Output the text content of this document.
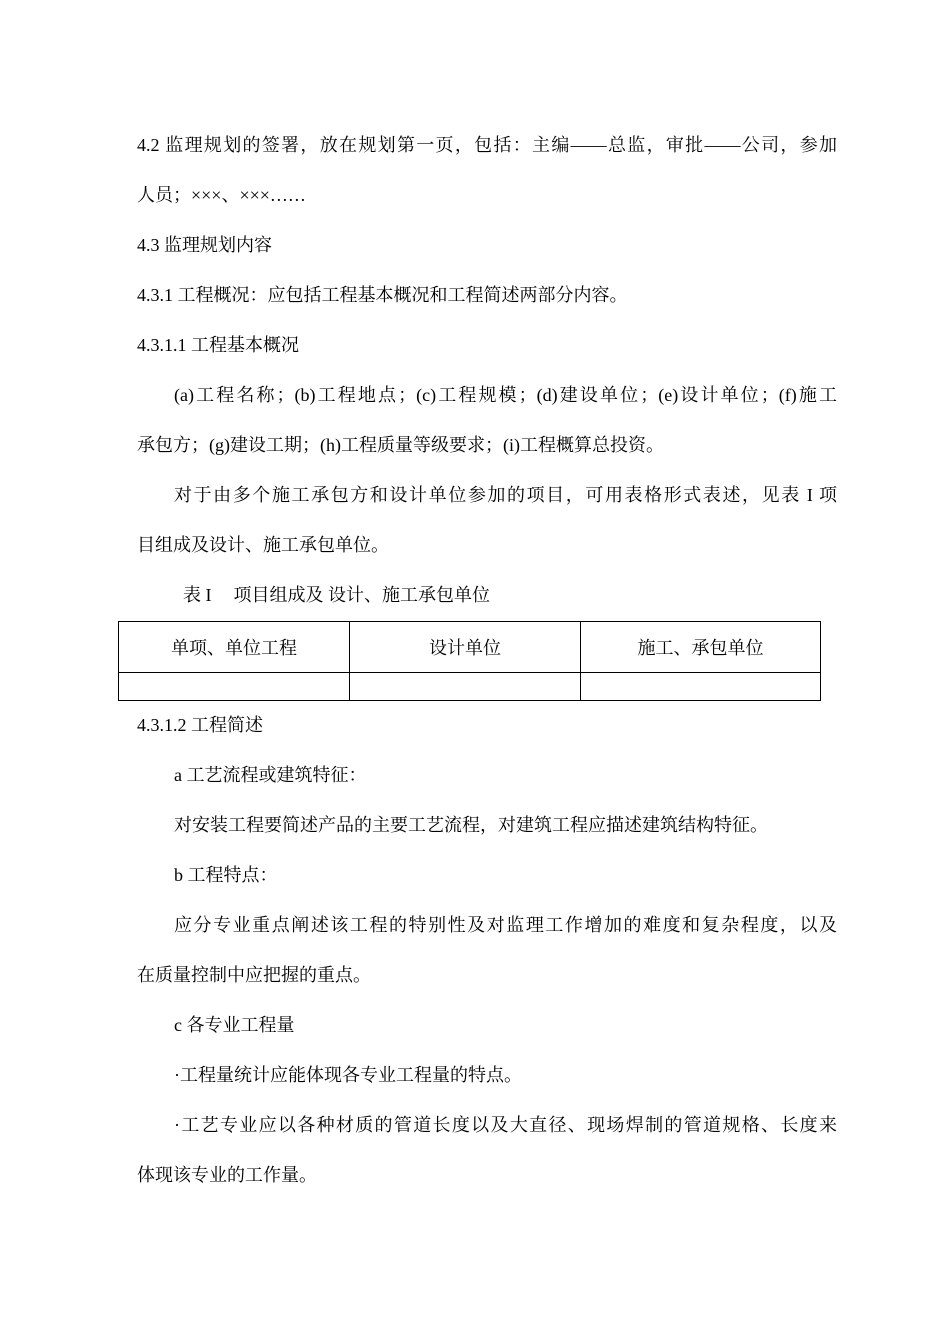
4.2 监理规划的签署，放在规划第一页，包括：主编——总监，审批——公司，参加
人员；×××、×××……
4.3 监理规划内容
4.3.1 工程概况：应包括工程基本概况和工程简述两部分内容。
4.3.1.1 工程基本概况
(a)工程名称；(b)工程地点；(c)工程规模；(d)建设单位；(e)设计单位；(f)施工
承包方；(g)建设工期；(h)工程质量等级要求；(i)工程概算总投资。
对于由多个施工承包方和设计单位参加的项目，可用表格形式表述，见表 I 项
目组成及设计、施工承包单位。
表 I 项目组成及 设计、施工承包单位
单项、单位工程	设计单位	施工、承包单位

4.3.1.2 工程简述
a 工艺流程或建筑特征：
对安装工程要简述产品的主要工艺流程，对建筑工程应描述建筑结构特征。
b 工程特点：
应分专业重点阐述该工程的特别性及对监理工作增加的难度和复杂程度，以及
在质量控制中应把握的重点。
c 各专业工程量
·工程量统计应能体现各专业工程量的特点。
·工艺专业应以各种材质的管道长度以及大直径、现场焊制的管道规格、长度来
体现该专业的工作量。
